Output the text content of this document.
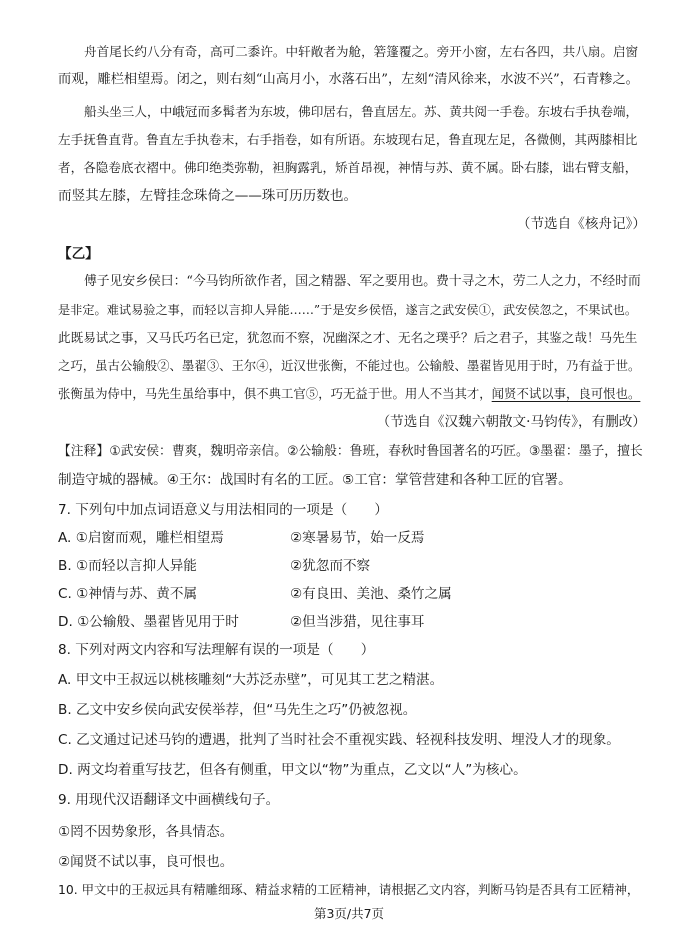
舟首尾长约八分有奇，高可二黍许。中轩敞者为舱，箬篷覆之。旁开小窗，左右各四，共八扇。启窗
而观，雕栏相望焉。闭之，则右刻“山高月小，水落石出”，左刻“清风徐来，水波不兴”，石青糁之。
船头坐三人，中峨冠而多髯者为东坡，佛印居右，鲁直居左。苏、黄共阅一手卷。东坡右手执卷端，
左手抚鲁直背。鲁直左手执卷末，右手指卷，如有所语。东坡现右足，鲁直现左足，各微侧，其两膝相比
者，各隐卷底衣褶中。佛印绝类弥勒，袒胸露乳，矫首昂视，神情与苏、黄不属。卧右膝，诎右臂支船，
而竖其左膝，左臂挂念珠倚之——珠可历历数也。
（节选自《核舟记》）
【乙】
傅子见安乡侯曰：“今马钧所欲作者，国之精器、军之要用也。费十寻之木，劳二人之力，不经时而
是非定。难试易验之事，而轻以言抑人异能……”于是安乡侯悟，遂言之武安侯①，武安侯忽之，不果试也。
此既易试之事，又马氏巧名已定，犹忽而不察，况幽深之才、无名之璞乎？后之君子，其鉴之哉！马先生
之巧，虽古公输般②、墨翟③、王尔④，近汉世张衡，不能过也。公输般、墨翟皆见用于时，乃有益于世。
张衡虽为侍中，马先生虽给事中，俱不典工官⑤，巧无益于世。用人不当其才，闻贤不试以事，良可恨也。
（节选自《汉魏六朝散文·马钧传》，有删改）
【注释】①武安侯：曹爽，魏明帝亲信。②公输般：鲁班，春秋时鲁国著名的巧匠。③墨翟：墨子，擅长
制造守城的器械。④王尔：战国时有名的工匠。⑤工官：掌管营建和各种工匠的官署。
7. 下列句中加点词语意义与用法相同的一项是（　　）
A. ①启窗而观，雕栏相望焉	②寒暑易节，始一反焉
B. ①而轻以言抑人异能	②犹忽而不察
C. ①神情与苏、黄不属	②有良田、美池、桑竹之属
D. ①公输般、墨翟皆见用于时	②但当涉猎，见往事耳
8. 下列对两文内容和写法理解有误的一项是（　　）
A. 甲文中王叔远以桃核雕刻“大苏泛赤壁”，可见其工艺之精湛。
B. 乙文中安乡侯向武安侯举荐，但“马先生之巧”仍被忽视。
C. 乙文通过记述马钧的遭遇，批判了当时社会不重视实践、轻视科技发明、埋没人才的现象。
D. 两文均着重写技艺，但各有侧重，甲文以“物”为重点，乙文以“人”为核心。
9. 用现代汉语翻译文中画横线句子。
①罔不因势象形，各具情态。
②闻贤不试以事，良可恨也。
10. 甲文中的王叔远具有精雕细琢、精益求精的工匠精神，请根据乙文内容，判断马钧是否具有工匠精神，
第3页/共7页
